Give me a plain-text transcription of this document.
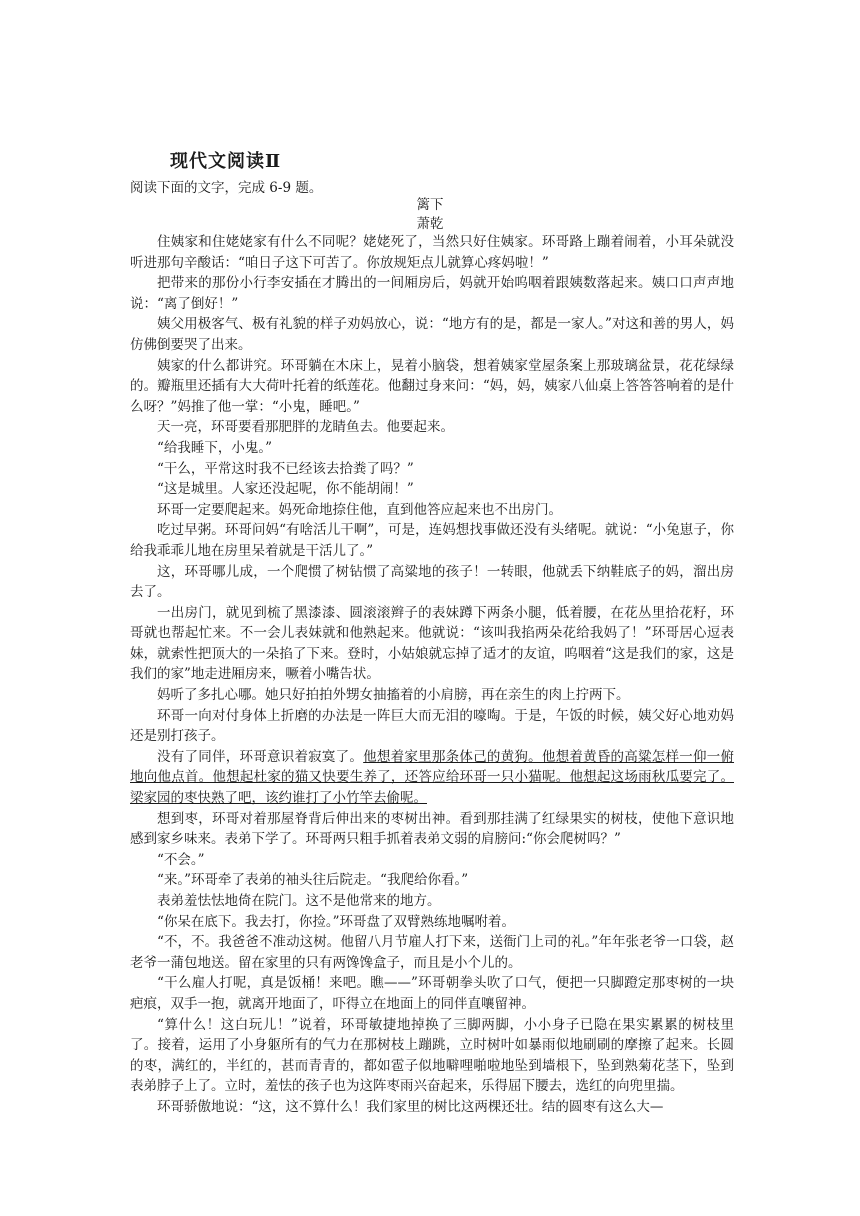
现代文阅读Ⅱ
阅读下面的文字，完成 6-9 题。
篱下
萧乾

住姨家和住姥姥家有什么不同呢？姥姥死了，当然只好住姨家。环哥路上蹦着闹着，小耳朵就没听进那句辛酸话：“咱日子这下可苦了。你放规矩点儿就算心疼妈啦！”

把带来的那份小行李安插在才腾出的一间厢房后，妈就开始呜咽着跟姨数落起来。姨口口声声地说：“离了倒好！”

姨父用极客气、极有礼貌的样子劝妈放心，说：“地方有的是，都是一家人。”对这和善的男人，妈仿佛倒要哭了出来。

姨家的什么都讲究。环哥躺在木床上，晃着小脑袋，想着姨家堂屋条案上那玻璃盆景，花花绿绿的。瓣瓶里还插有大大荷叶托着的纸莲花。他翻过身来问：“妈，妈，姨家八仙桌上答答答响着的是什么呀？”妈推了他一掌：“小鬼，睡吧。”

天一亮，环哥要看那肥胖的龙睛鱼去。他要起来。

“给我睡下，小鬼。”

“干么，平常这时我不已经该去拾粪了吗？”

“这是城里。人家还没起呢，你不能胡闹！”

环哥一定要爬起来。妈死命地捺住他，直到他答应起来也不出房门。

吃过早粥。环哥问妈“有啥活儿干啊”，可是，连妈想找事做还没有头绪呢。就说：“小兔崽子，你给我乖乖儿地在房里呆着就是干活儿了。”

这，环哥哪儿成，一个爬惯了树钻惯了高粱地的孩子！一转眼，他就丢下纳鞋底子的妈，溜出房去了。

一出房门，就见到梳了黑漆漆、圆滚滚辫子的表妹蹲下两条小腿，低着腰，在花丛里拾花籽，环哥就也帮起忙来。不一会儿表妹就和他熟起来。他就说：“该叫我掐两朵花给我妈了！”环哥居心逗表妹，就索性把顶大的一朵掐了下来。登时，小姑娘就忘掉了适才的友谊，呜咽着“这是我们的家，这是我们的家”地走进厢房来，噘着小嘴告状。

妈听了多扎心哪。她只好拍拍外甥女抽搐着的小肩膀，再在亲生的肉上拧两下。

环哥一向对付身体上折磨的办法是一阵巨大而无泪的嚎啕。于是，午饭的时候，姨父好心地劝妈还是别打孩子。

没有了同伴，环哥意识着寂寞了。他想着家里那条体己的黄狗。他想着黄昏的高粱怎样一仰一俯地向他点首。他想起杜家的猫又快要生养了，还答应给环哥一只小猫呢。他想起这场雨秋瓜要完了。梁家园的枣快熟了吧，该约谁打了小竹竿去偷呢。

想到枣，环哥对着那屋脊背后伸出来的枣树出神。看到那挂满了红绿果实的树枝，使他下意识地感到家乡味来。表弟下学了。环哥两只粗手抓着表弟文弱的肩膀问:“你会爬树吗？”

“不会。”

“来。”环哥牵了表弟的袖头往后院走。“我爬给你看。”

表弟羞怯怯地倚在院门。这不是他常来的地方。

“你呆在底下。我去打，你捡。”环哥盘了双臂熟练地嘱咐着。

“不，不。我爸爸不准动这树。他留八月节雇人打下来，送衙门上司的礼。”年年张老爷一口袋，赵老爷一蒲包地送。留在家里的只有两馋馋盒子，而且是小个儿的。

“干么雇人打呢，真是饭桶！来吧。瞧——”环哥朝拳头吹了口气，便把一只脚蹬定那枣树的一块疤痕，双手一抱，就离开地面了，吓得立在地面上的同伴直嚷留神。

“算什么！这白玩儿！”说着，环哥敏捷地掉换了三脚两脚，小小身子已隐在果实累累的树枝里了。接着，运用了小身躯所有的气力在那树枝上蹦跳，立时树叶如暴雨似地刷刷的摩擦了起来。长圆的枣，满红的，半红的，甚而青青的，都如雹子似地噼哩啪啦地坠到墙根下，坠到熟菊花茎下，坠到表弟脖子上了。立时，羞怯的孩子也为这阵枣雨兴奋起来，乐得屈下腰去，选红的向兜里揣。

环哥骄傲地说：“这，这不算什么！我们家里的树比这两棵还壮。结的圆枣有这么大—
